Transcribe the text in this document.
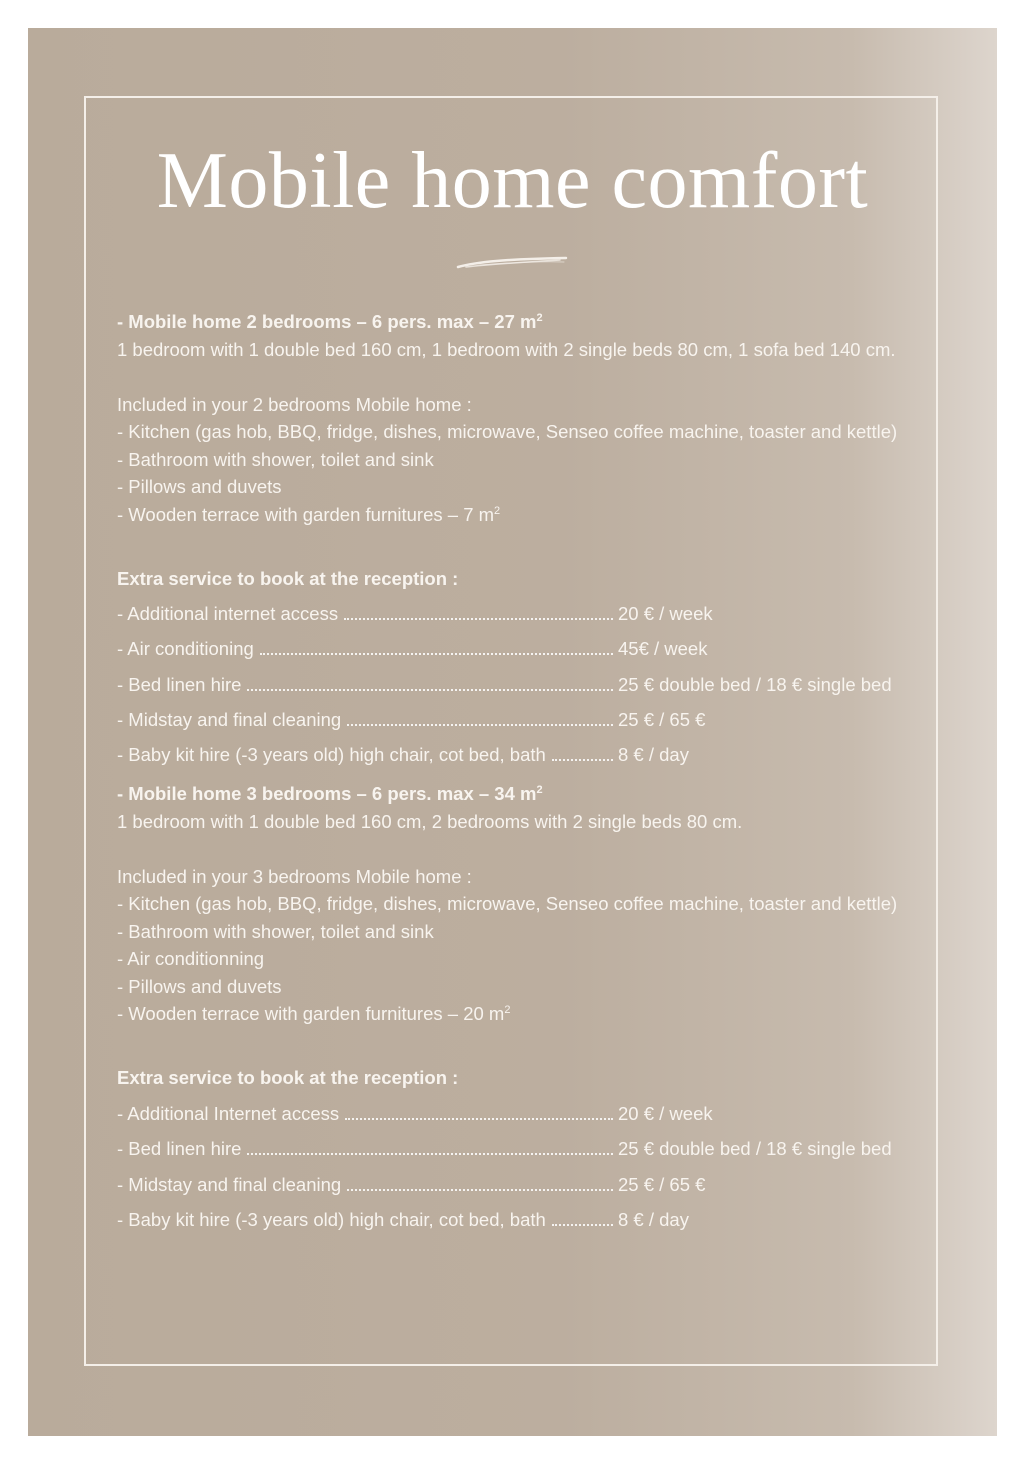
Mobile home comfort

- Mobile home 2 bedrooms – 6 pers. max – 27 $m^2$

1 bedroom with 1 double bed 160 cm, 1 bedroom with 2 single beds 80 cm, 1 sofa bed 140 cm.

Included in your 2 bedrooms Mobile home :

- Kitchen (gas hob, BBQ, fridge, dishes, microwave, Senseo coffee machine, toaster and kettle)

- Bathroom with shower, toilet and sink

- Pillows and duvets

- Wooden terrace with garden furnitures – 7 $m^2$

Extra service to book at the reception :

- Additional internet access	20 € / week
- Air conditioning	45€ / week
- Bed linen hire	25 € double bed / 18 € single bed
- Midstay and final cleaning	25 € / 65 €
- Baby kit hire (-3 years old) high chair, cot bed, bath	8 € / day

- Mobile home 3 bedrooms – 6 pers. max – 34 $m^2$

1 bedroom with 1 double bed 160 cm, 2 bedrooms with 2 single beds 80 cm.

Included in your 3 bedrooms Mobile home :

- Kitchen (gas hob, BBQ, fridge, dishes, microwave, Senseo coffee machine, toaster and kettle)

- Bathroom with shower, toilet and sink

- Air conditionning

- Pillows and duvets

- Wooden terrace with garden furnitures – 20 $m^2$

Extra service to book at the reception :

- Additional Internet access	20 € / week
- Bed linen hire	25 € double bed / 18 € single bed
- Midstay and final cleaning	25 € / 65 €
- Baby kit hire (-3 years old) high chair, cot bed, bath	8 € / day
